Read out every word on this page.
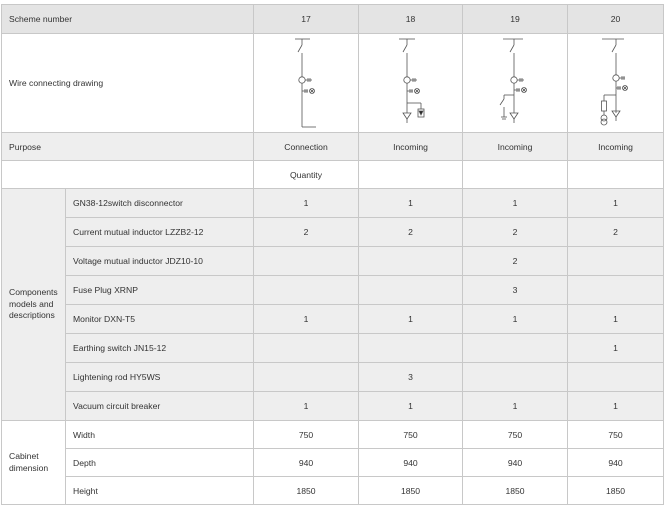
Scheme number		17	18	19	20
Wire connecting drawing	

Purpose		Connection	Incoming	Incoming	Incoming
		Quantity			
Components models and descriptions	GN38-12switch disconnector	1	1	1	1
	Current mutual inductor LZZB2-12	2	2	2	2
	Voltage mutual inductor JDZ10-10			2	
	Fuse Plug XRNP			3	
	Monitor DXN-T5	1	1	1	1
	Earthing switch JN15-12				1
	Lightening rod HY5WS		3		
	Vacuum circuit breaker	1	1	1	1
Cabinet dimension	Width	750	750	750	750
	Depth	940	940	940	940
	Height	1850	1850	1850	1850
